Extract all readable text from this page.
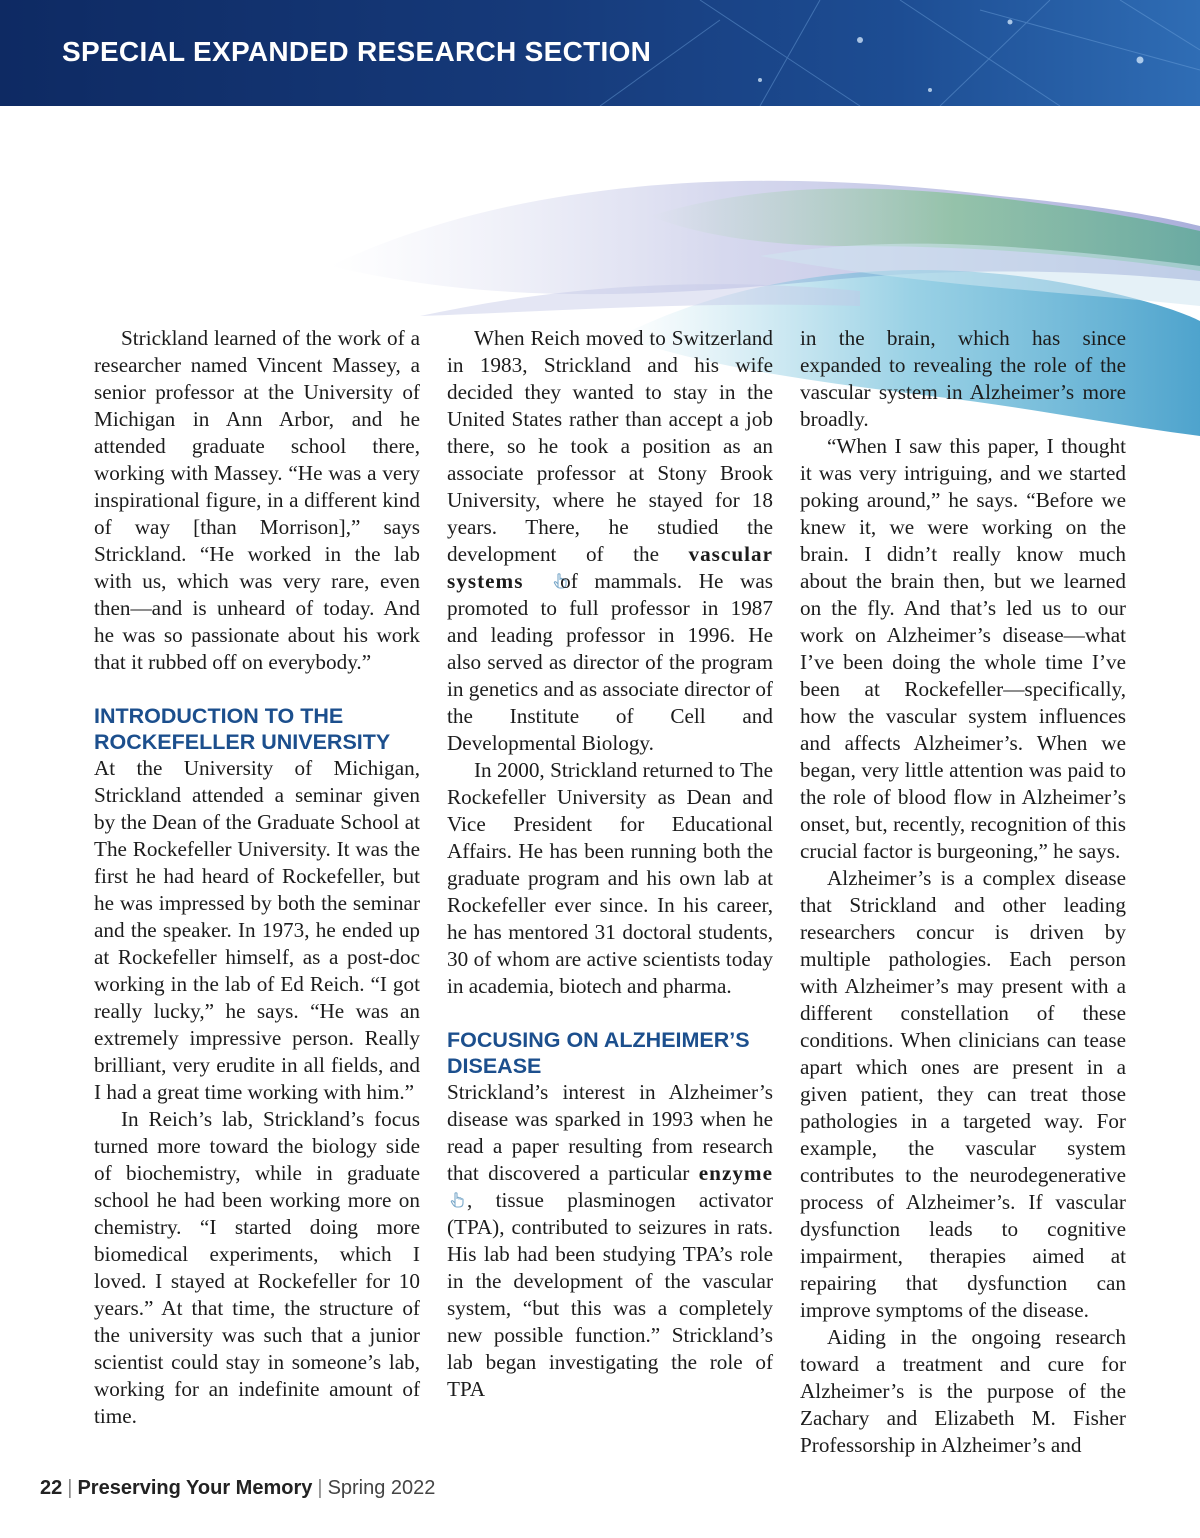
SPECIAL EXPANDED RESEARCH SECTION

Strickland learned of the work of a researcher named Vincent Massey, a senior professor at the University of Michigan in Ann Arbor, and he attended graduate school there, working with Massey. “He was a very inspirational figure, in a different kind of way [than Morrison],” says Strickland. “He worked in the lab with us, which was very rare, even then—and is unheard of today. And he was so passionate about his work that it rubbed off on everybody.”

INTRODUCTION TO THE ROCKEFELLER UNIVERSITY

At the University of Michigan, Strickland attended a seminar given by the Dean of the Graduate School at The Rockefeller University. It was the first he had heard of Rockefeller, but he was impressed by both the seminar and the speaker. In 1973, he ended up at Rockefeller himself, as a post-doc working in the lab of Ed Reich. “I got really lucky,” he says. “He was an extremely impressive person. Really brilliant, very erudite in all fields, and I had a great time working with him.”

In Reich’s lab, Strickland’s focus turned more toward the biology side of biochemistry, while in graduate school he had been working more on chemistry. “I started doing more biomedical experiments, which I loved. I stayed at Rockefeller for 10 years.” At that time, the structure of the university was such that a junior scientist could stay in someone’s lab, working for an indefinite amount of time.

When Reich moved to Switzerland in 1983, Strickland and his wife decided they wanted to stay in the United States rather than accept a job there, so he took a position as an associate professor at Stony Brook University, where he stayed for 18 years. There, he studied the development of the vascular systems of mammals. He was promoted to full professor in 1987 and leading professor in 1996. He also served as director of the program in genetics and as associate director of the Institute of Cell and Developmental Biology.

In 2000, Strickland returned to The Rockefeller University as Dean and Vice President for Educational Affairs. He has been running both the graduate program and his own lab at Rockefeller ever since. In his career, he has mentored 31 doctoral students, 30 of whom are active scientists today in academia, biotech and pharma.

FOCUSING ON ALZHEIMER’S DISEASE

Strickland’s interest in Alzheimer’s disease was sparked in 1993 when he read a paper resulting from research that discovered a particular enzyme, tissue plasminogen activator (TPA), contributed to seizures in rats. His lab had been studying TPA’s role in the development of the vascular system, “but this was a completely new possible function.” Strickland’s lab began investigating the role of TPA

in the brain, which has since expanded to revealing the role of the vascular system in Alzheimer’s more broadly.

“When I saw this paper, I thought it was very intriguing, and we started poking around,” he says. “Before we knew it, we were working on the brain. I didn’t really know much about the brain then, but we learned on the fly. And that’s led us to our work on Alzheimer’s disease—what I’ve been doing the whole time I’ve been at Rockefeller—specifically, how the vascular system influences and affects Alzheimer’s. When we began, very little attention was paid to the role of blood flow in Alzheimer’s onset, but, recently, recognition of this crucial factor is burgeoning,” he says.

Alzheimer’s is a complex disease that Strickland and other leading researchers concur is driven by multiple pathologies. Each person with Alzheimer’s may present with a different constellation of these conditions. When clinicians can tease apart which ones are present in a given patient, they can treat those pathologies in a targeted way. For example, the vascular system contributes to the neurodegenerative process of Alzheimer’s. If vascular dysfunction leads to cognitive impairment, therapies aimed at repairing that dysfunction can improve symptoms of the disease.

Aiding in the ongoing research toward a treatment and cure for Alzheimer’s is the purpose of the Zachary and Elizabeth M. Fisher Professorship in Alzheimer’s and

22 | Preserving Your Memory | Spring 2022
